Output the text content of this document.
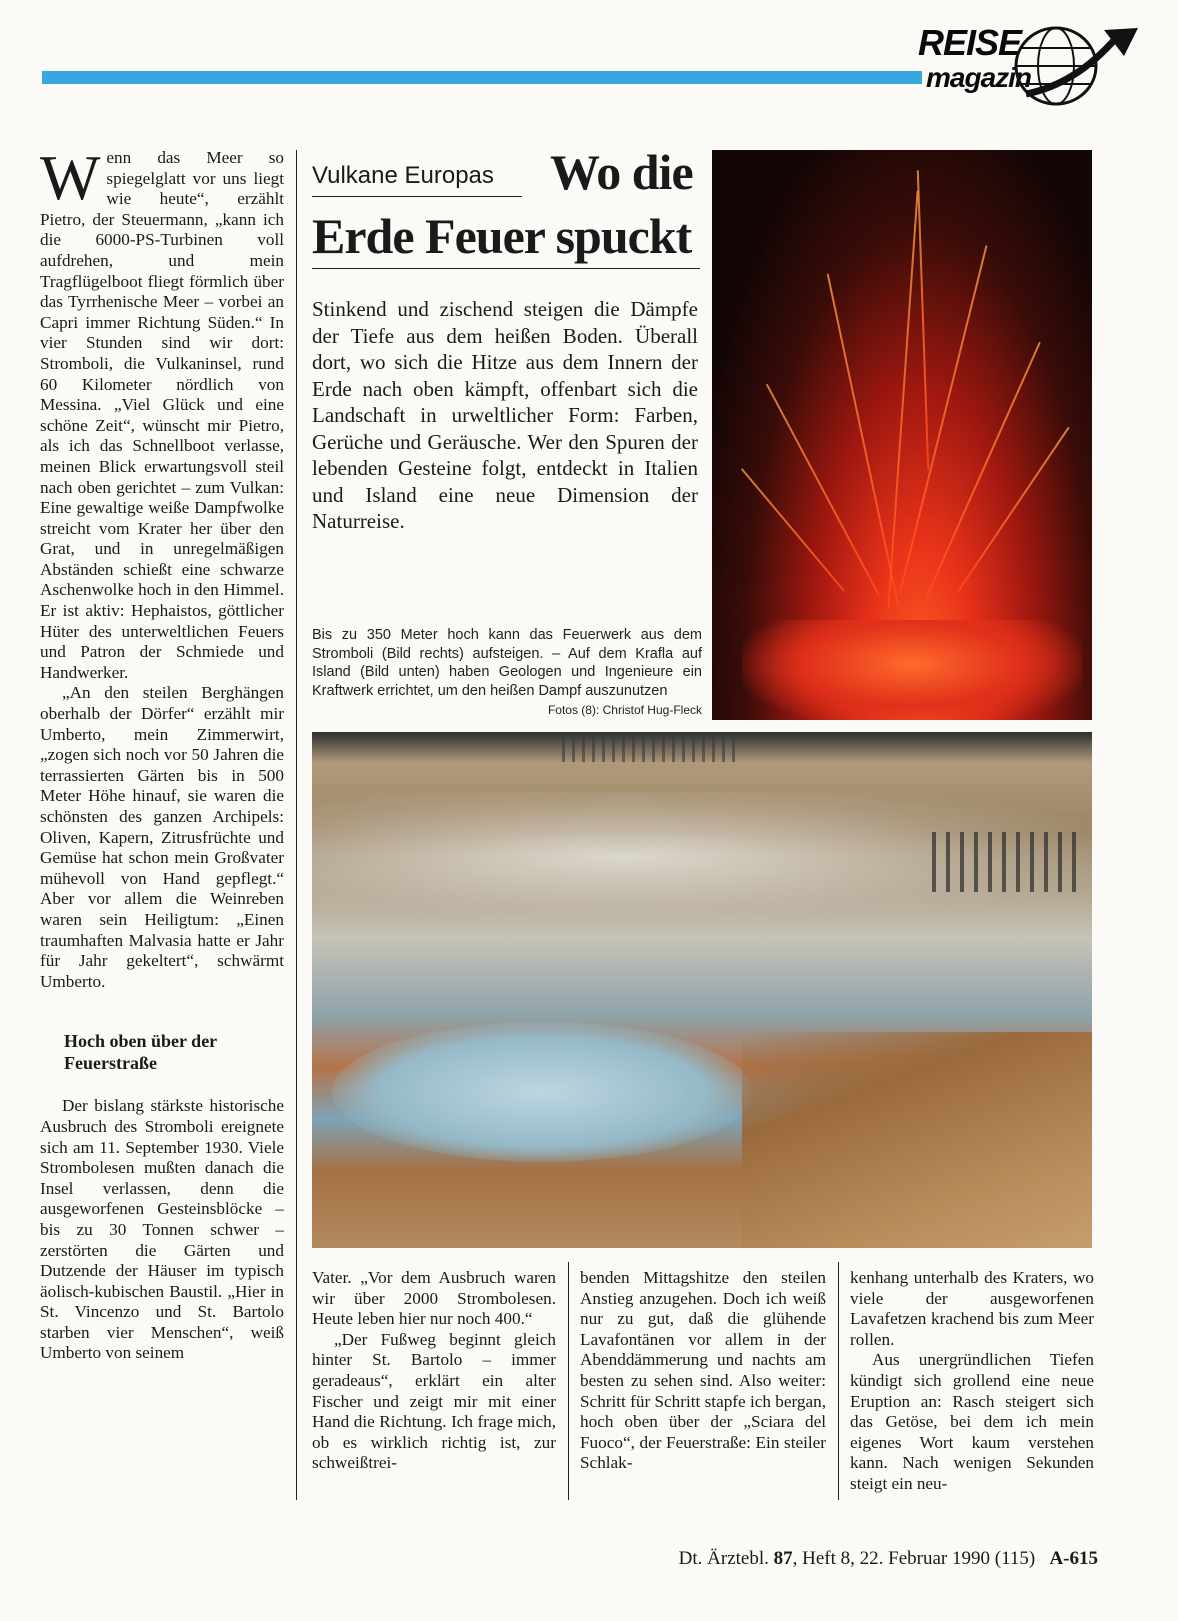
REISE
magazin

Wenn das Meer so spiegelglatt vor uns liegt wie heute“, erzählt Pietro, der Steuermann, „kann ich die 6000-PS-Turbinen voll aufdrehen, und mein Tragflügelboot fliegt förmlich über das Tyrrhenische Meer – vorbei an Capri immer Richtung Süden.“ In vier Stunden sind wir dort: Stromboli, die Vulkaninsel, rund 60 Kilometer nördlich von Messina. „Viel Glück und eine schöne Zeit“, wünscht mir Pietro, als ich das Schnellboot verlasse, meinen Blick erwartungsvoll steil nach oben gerichtet – zum Vulkan: Eine gewaltige weiße Dampfwolke streicht vom Krater her über den Grat, und in unregelmäßigen Abständen schießt eine schwarze Aschenwolke hoch in den Himmel. Er ist aktiv: Hephaistos, göttlicher Hüter des unterweltlichen Feuers und Patron der Schmiede und Handwerker.

„An den steilen Berghängen oberhalb der Dörfer“ erzählt mir Umberto, mein Zimmerwirt, „zogen sich noch vor 50 Jahren die terrassierten Gärten bis in 500 Meter Höhe hinauf, sie waren die schönsten des ganzen Archipels: Oliven, Kapern, Zitrusfrüchte und Gemüse hat schon mein Großvater mühevoll von Hand gepflegt.“ Aber vor allem die Weinreben waren sein Heiligtum: „Einen traumhaften Malvasia hatte er Jahr für Jahr gekeltert“, schwärmt Umberto.

Hoch oben über der Feuerstraße

Der bislang stärkste historische Ausbruch des Stromboli ereignete sich am 11. September 1930. Viele Strombolesen mußten danach die Insel verlassen, denn die ausgeworfenen Gesteinsblöcke – bis zu 30 Tonnen schwer – zerstörten die Gärten und Dutzende der Häuser im typisch äolisch-kubischen Baustil. „Hier in St. Vincenzo und St. Bartolo starben vier Menschen“, weiß Umberto von seinem

Vulkane Europas Wo die
Erde Feuer spuckt
Stinkend und zischend steigen die Dämpfe der Tiefe aus dem heißen Boden. Überall dort, wo sich die Hitze aus dem Innern der Erde nach oben kämpft, offenbart sich die Landschaft in urweltlicher Form: Farben, Gerüche und Geräusche. Wer den Spuren der lebenden Gesteine folgt, entdeckt in Italien und Island eine neue Dimension der Naturreise.
Bis zu 350 Meter hoch kann das Feuerwerk aus dem Stromboli (Bild rechts) aufsteigen. – Auf dem Krafla auf Island (Bild unten) haben Geologen und Ingenieure ein Kraftwerk errichtet, um den heißen Dampf auszunutzen
Fotos (8): Christof Hug-Fleck

Vater. „Vor dem Ausbruch waren wir über 2000 Strombolesen. Heute leben hier nur noch 400.“

„Der Fußweg beginnt gleich hinter St. Bartolo – immer geradeaus“, erklärt ein alter Fischer und zeigt mir mit einer Hand die Richtung. Ich frage mich, ob es wirklich richtig ist, zur schweißtrei-

benden Mittagshitze den steilen Anstieg anzugehen. Doch ich weiß nur zu gut, daß die glühende Lavafontänen vor allem in der Abenddämmerung und nachts am besten zu sehen sind. Also weiter: Schritt für Schritt stapfe ich bergan, hoch oben über der „Sciara del Fuoco“, der Feuerstraße: Ein steiler Schlak-

kenhang unterhalb des Kraters, wo viele der ausgeworfenen Lavafetzen krachend bis zum Meer rollen.

Aus unergründlichen Tiefen kündigt sich grollend eine neue Eruption an: Rasch steigert sich das Getöse, bei dem ich mein eigenes Wort kaum verstehen kann. Nach wenigen Sekunden steigt ein neu-

Dt. Ärztebl. 87, Heft 8, 22. Februar 1990 (115) A-615
